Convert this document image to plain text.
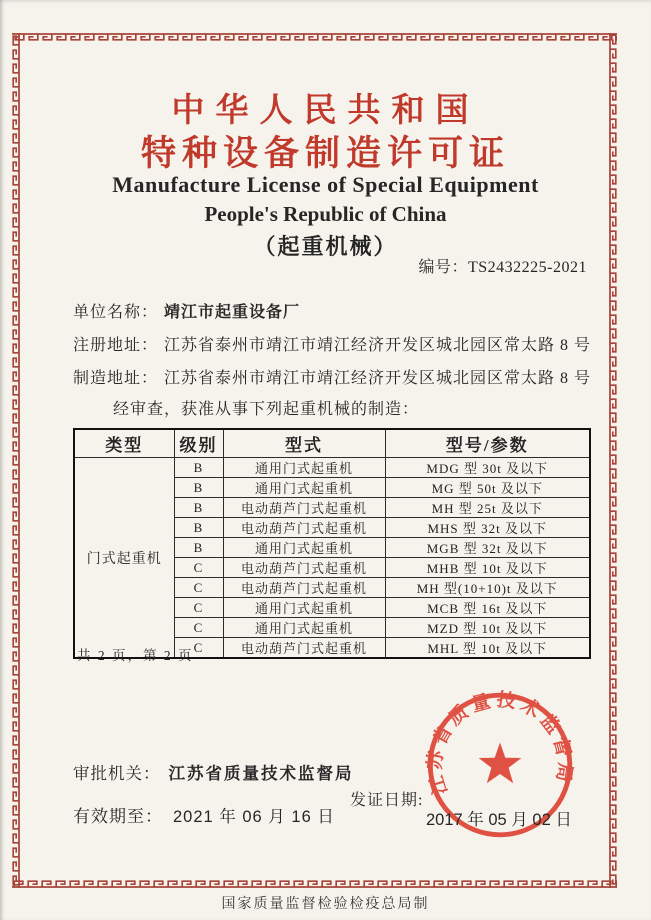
中华人民共和国
特种设备制造许可证
Manufacture License of Special Equipment
People's Republic of China
（起重机械）
编号：TS2432225-2021
单位名称： 靖江市起重设备厂
注册地址： 江苏省泰州市靖江市靖江经济开发区城北园区常太路 8 号
制造地址： 江苏省泰州市靖江市靖江经济开发区城北园区常太路 8 号
经审查，获准从事下列起重机械的制造：
类型	级别	型式	型号/参数
门式起重机	B	通用门式起重机	MDG 型 30t 及以下
	B	通用门式起重机	MG 型 50t 及以下
	B	电动葫芦门式起重机	MH 型 25t 及以下
	B	电动葫芦门式起重机	MHS 型 32t 及以下
	B	通用门式起重机	MGB 型 32t 及以下
	C	电动葫芦门式起重机	MHB 型 10t 及以下
	C	电动葫芦门式起重机	MH 型(10+10)t 及以下
	C	通用门式起重机	MCB 型 16t 及以下
	C	通用门式起重机	MZD 型 10t 及以下
	C	电动葫芦门式起重机	MHL 型 10t 及以下
共 2 页，第 2 页
审批机关： 江苏省质量技术监督局
有效期至： 2021 年 06 月 16 日
发证日期:
2017 年 05 月 02 日
江苏省质量技术监督局
国家质量监督检验检疫总局制
